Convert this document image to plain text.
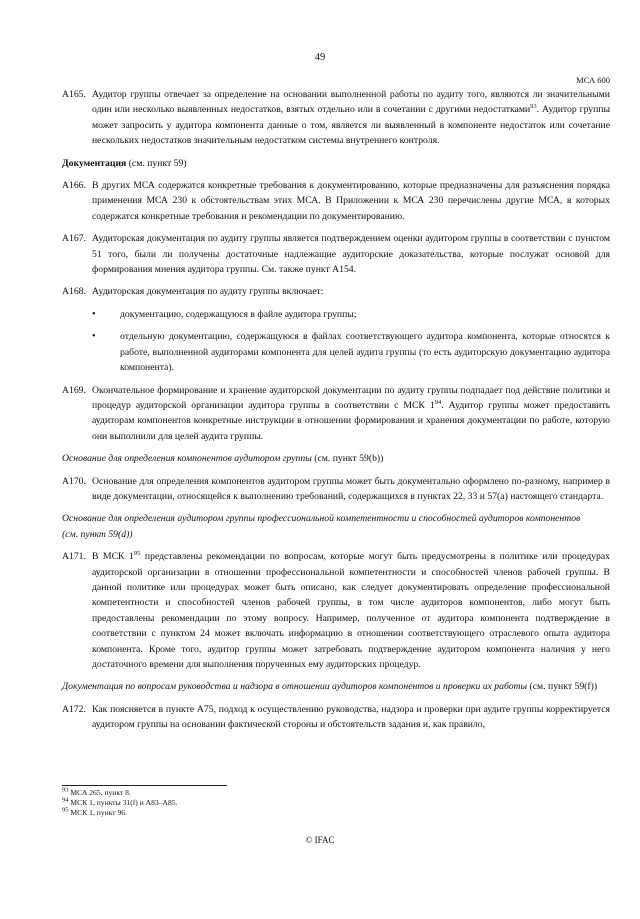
49
МСА 600
A165. Аудитор группы отвечает за определение на основании выполненной работы по аудиту того, являются ли значительными один или несколько выявленных недостатков, взятых отдельно или в сочетании с другими недостатками$^{93}$. Аудитор группы может запросить у аудитора компонента данные о том, является ли выявленный в компоненте недостаток или сочетание нескольких недостатков значительным недостатком системы внутреннего контроля.
Документация (см. пункт 59)
A166. В других МСА содержатся конкретные требования к документированию, которые предназначены для разъяснения порядка применения МСА 230 к обстоятельствам этих МСА. В Приложении к МСА 230 перечислены другие МСА, в которых содержатся конкретные требования и рекомендации по документированию.
A167. Аудиторская документация по аудиту группы является подтверждением оценки аудитором группы в соответствии с пунктом 51 того, были ли получены достаточные надлежащие аудиторские доказательства, которые послужат основой для формирования мнения аудитора группы. См. также пункт A154.
A168. Аудиторская документация по аудиту группы включает:
•	документацию, содержащуюся в файле аудитора группы;
•	отдельную документацию, содержащуюся в файлах соответствующего аудитора компонента, которые относятся к работе, выполненной аудиторами компонента для целей аудита группы (то есть аудиторскую документацию аудитора компонента).
A169. Окончательное формирование и хранение аудиторской документации по аудиту группы подпадает под действие политики и процедур аудиторской организации аудитора группы в соответствии с МСК $1^{94}$. Аудитор группы может предоставить аудиторам компонентов конкретные инструкции в отношении формирования и хранения документации по работе, которую они выполнили для целей аудита группы.
Основание для определения компонентов аудитором группы (см. пункт 59(b))
A170. Основание для определения компонентов аудитором группы может быть документально оформлено по-разному, например в виде документации, относящейся к выполнению требований, содержащихся в пунктах 22, 33 и 57(a) настоящего стандарта.
Основание для определения аудитором группы профессиональной компетентности и способностей аудиторов компонентов
(см. пункт 59(d))
A171. В МСК $1^{95}$ представлены рекомендации по вопросам, которые могут быть предусмотрены в политике или процедурах аудиторской организации в отношении профессиональной компетентности и способностей членов рабочей группы. В данной политике или процедурах может быть описано, как следует документировать определение профессиональной компетентности и способностей членов рабочей группы, в том числе аудиторов компонентов, либо могут быть предоставлены рекомендации по этому вопросу. Например, полученное от аудитора компонента подтверждение в соответствии с пунктом 24 может включать информацию в отношении соответствующего отраслевого опыта аудитора компонента. Кроме того, аудитор группы может затребовать подтверждение аудитором компонента наличия у него достаточного времени для выполнения порученных ему аудиторских процедур.
Документация по вопросам руководства и надзора в отношении аудиторов компонентов и проверки их работы (см. пункт 59(f))
A172. Как поясняется в пункте A75, подход к осуществлению руководства, надзора и проверки при аудите группы корректируется аудитором группы на основании фактической стороны и обстоятельств задания и, как правило,

$^{93}$ МСА 265, пункт 8.

$^{94}$ МСК 1, пункты 31(f) и A83–A85.

$^{95}$ МСК 1, пункт 96.

© IFAC
